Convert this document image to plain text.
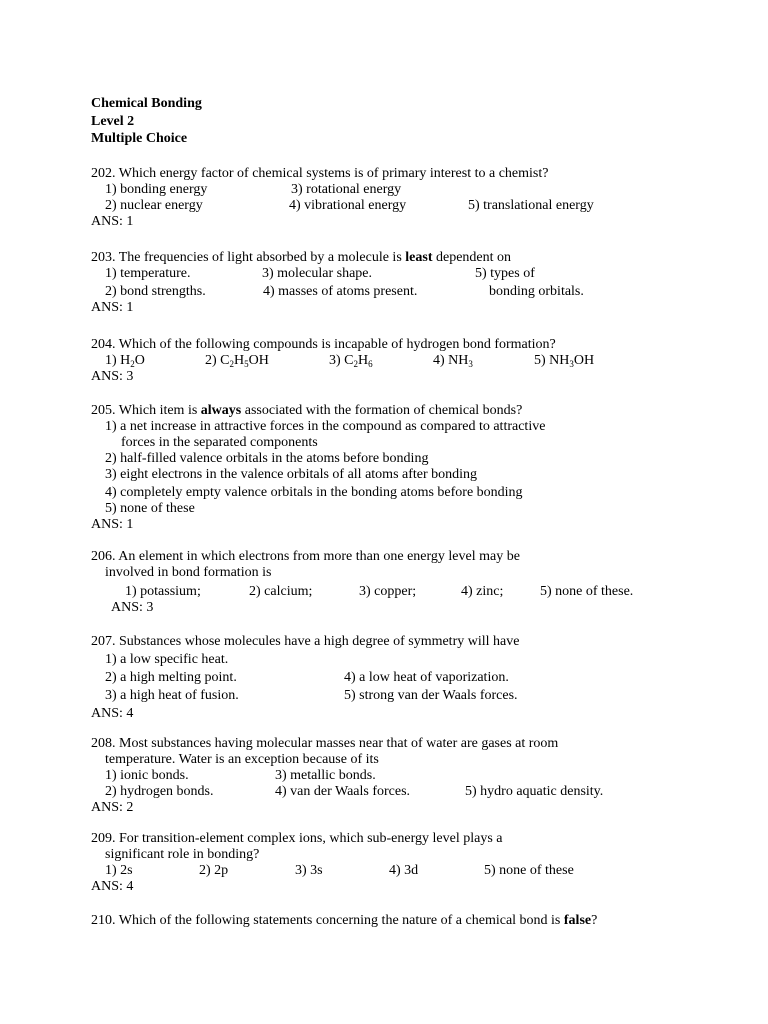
Chemical Bonding
Level 2
Multiple Choice
202. Which energy factor of chemical systems is of primary interest to a chemist?
1) bonding energy	3) rotational energy
2) nuclear energy	4) vibrational energy	5) translational energy
ANS: 1
203. The frequencies of light absorbed by a molecule is least dependent on
1) temperature.	3) molecular shape.	5) types of
2) bond strengths.	4) masses of atoms present.	bonding orbitals.
ANS: 1
204. Which of the following compounds is incapable of hydrogen bond formation?
1) $H_2O$	2) $C_2H_5OH$	3) $C_2H_6$	4) $NH_3$	5) $NH_3OH$
ANS: 3
205. Which item is always associated with the formation of chemical bonds?
1) a net increase in attractive forces in the compound as compared to attractive
forces in the separated components
2) half-filled valence orbitals in the atoms before bonding
3) eight electrons in the valence orbitals of all atoms after bonding
4) completely empty valence orbitals in the bonding atoms before bonding
5) none of these
ANS: 1
206. An element in which electrons from more than one energy level may be
involved in bond formation is
1) potassium;	2) calcium;	3) copper;	4) zinc;	5) none of these.
ANS: 3
207. Substances whose molecules have a high degree of symmetry will have
1) a low specific heat.
2) a high melting point.	4) a low heat of vaporization.
3) a high heat of fusion.	5) strong van der Waals forces.
ANS: 4
208. Most substances having molecular masses near that of water are gases at room
temperature. Water is an exception because of its
1) ionic bonds.	3) metallic bonds.
2) hydrogen bonds.	4) van der Waals forces.	5) hydro aquatic density.
ANS: 2
209. For transition-element complex ions, which sub-energy level plays a
significant role in bonding?
1) 2s	2) 2p	3) 3s	4) 3d	5) none of these
ANS: 4
210. Which of the following statements concerning the nature of a chemical bond is false?
